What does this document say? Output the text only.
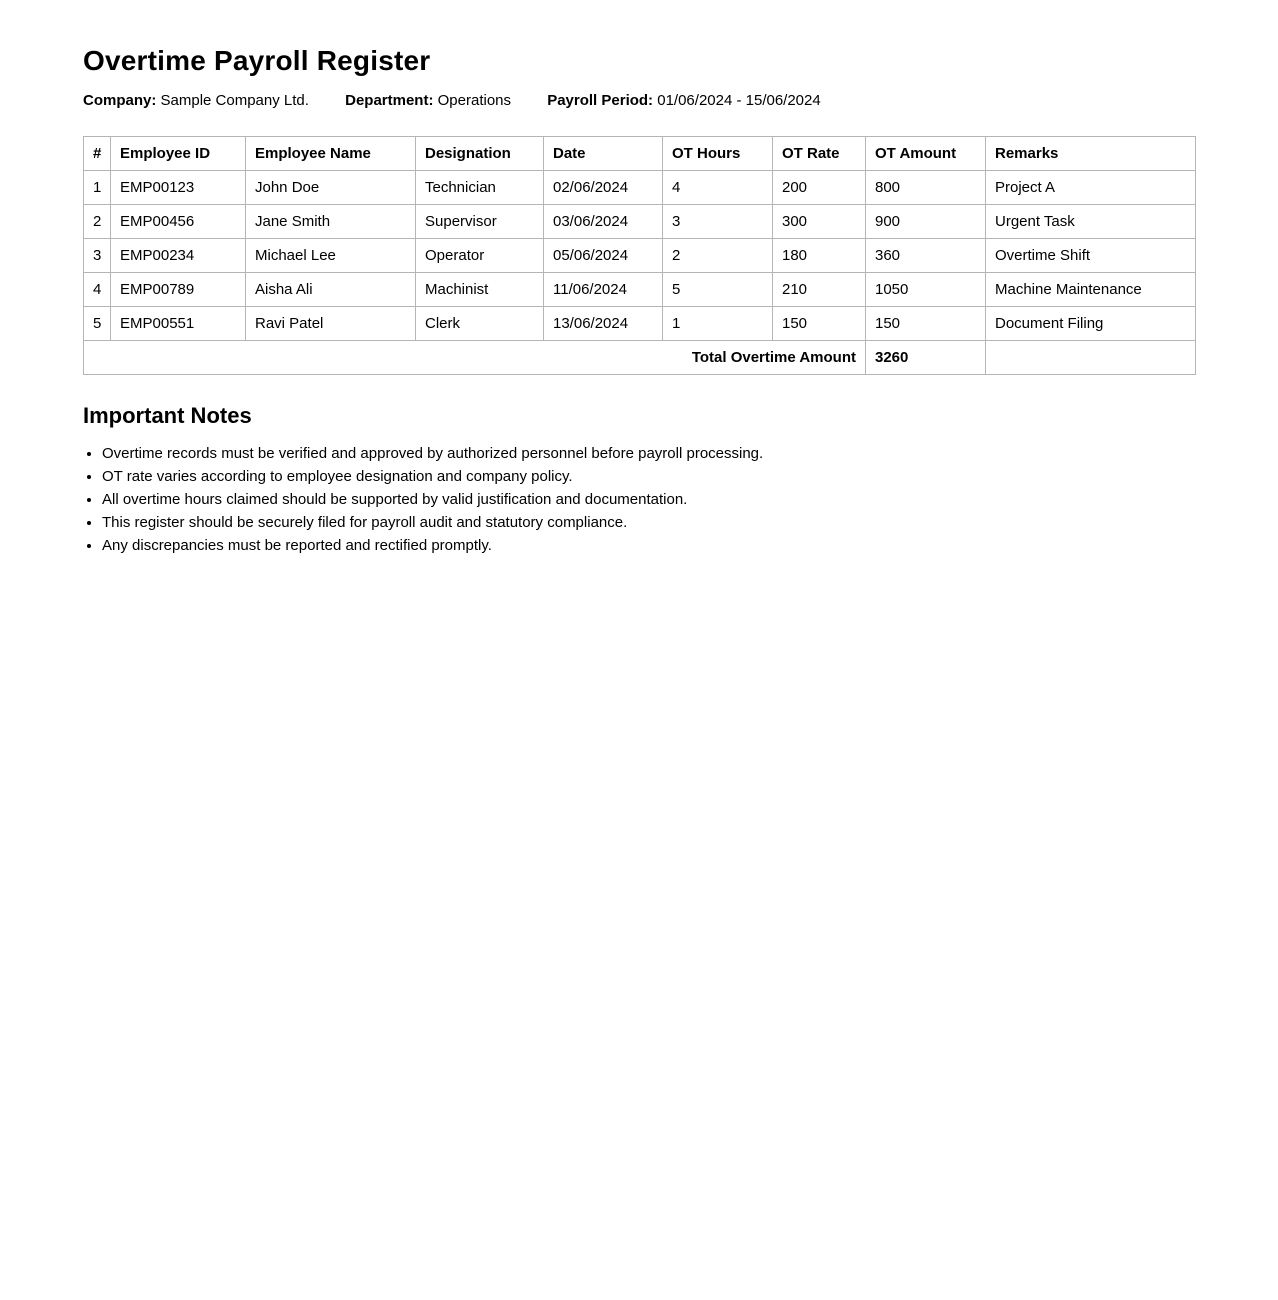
Overtime Payroll Register
Company: Sample Company Ltd. Department: Operations Payroll Period: 01/06/2024 - 15/06/2024
#	Employee ID	Employee Name	Designation	Date	OT Hours	OT Rate	OT Amount	Remarks
1	EMP00123	John Doe	Technician	02/06/2024	4	200	800	Project A
2	EMP00456	Jane Smith	Supervisor	03/06/2024	3	300	900	Urgent Task
3	EMP00234	Michael Lee	Operator	05/06/2024	2	180	360	Overtime Shift
4	EMP00789	Aisha Ali	Machinist	11/06/2024	5	210	1050	Machine Maintenance
5	EMP00551	Ravi Patel	Clerk	13/06/2024	1	150	150	Document Filing
Total Overtime Amount							3260	
Important Notes
• Overtime records must be verified and approved by authorized personnel before payroll processing.
• OT rate varies according to employee designation and company policy.
• All overtime hours claimed should be supported by valid justification and documentation.
• This register should be securely filed for payroll audit and statutory compliance.
• Any discrepancies must be reported and rectified promptly.
